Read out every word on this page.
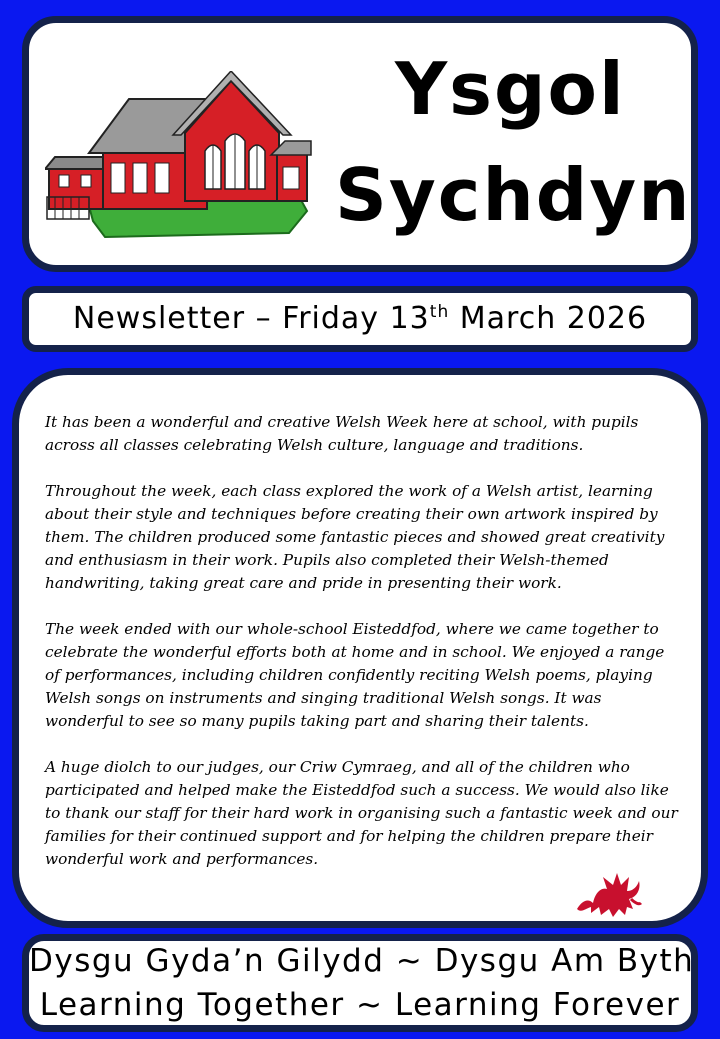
Ysgol
Sychdyn
Newsletter – Friday 13th March 2026

It has been a wonderful and creative Welsh Week here at school, with pupils across all classes celebrating Welsh culture, language and traditions.

Throughout the week, each class explored the work of a Welsh artist, learning about their style and techniques before creating their own artwork inspired by them. The children produced some fantastic pieces and showed great creativity and enthusiasm in their work. Pupils also completed their Welsh-themed handwriting, taking great care and pride in presenting their work.

The week ended with our whole-school Eisteddfod, where we came together to celebrate the wonderful efforts both at home and in school. We enjoyed a range of performances, including children confidently reciting Welsh poems, playing Welsh songs on instruments and singing traditional Welsh songs. It was wonderful to see so many pupils taking part and sharing their talents.

A huge diolch to our judges, our Criw Cymraeg, and all of the children who participated and helped make the Eisteddfod such a success. We would also like to thank our staff for their hard work in organising such a fantastic week and our families for their continued support and for helping the children prepare their wonderful work and performances.

Dysgu Gyda’n Gilydd ~ Dysgu Am Byth
Learning Together ~ Learning Forever
